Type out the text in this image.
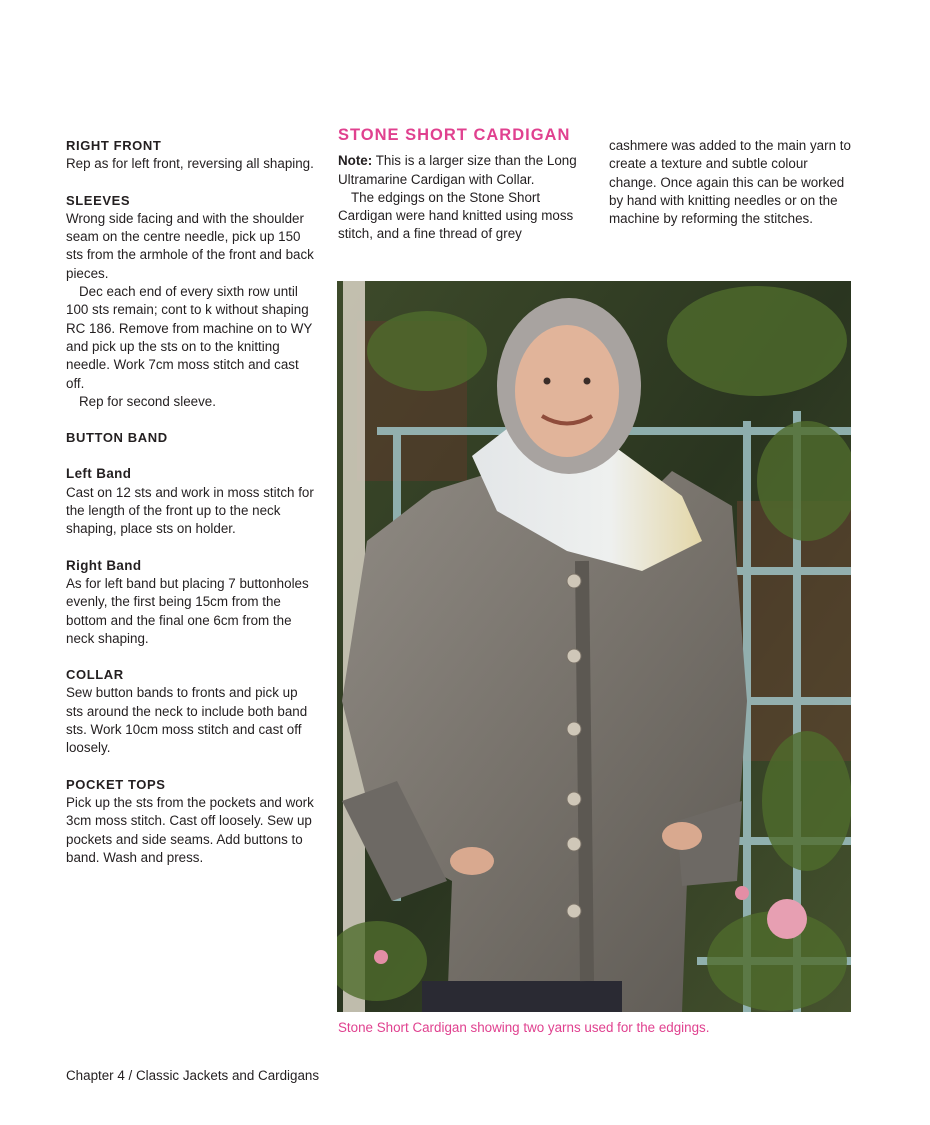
RIGHT FRONT

Rep as for left front, reversing all shaping.

SLEEVES

Wrong side facing and with the shoulder seam on the centre needle, pick up 150 sts from the armhole of the front and back pieces.

Dec each end of every sixth row until 100 sts remain; cont to k without shaping RC 186. Remove from machine on to WY and pick up the sts on to the knitting needle. Work 7cm moss stitch and cast off.

Rep for second sleeve.

BUTTON BAND
Left Band

Cast on 12 sts and work in moss stitch for the length of the front up to the neck shaping, place sts on holder.

Right Band

As for left band but placing 7 buttonholes evenly, the first being 15cm from the bottom and the final one 6cm from the neck shaping.

COLLAR

Sew button bands to fronts and pick up sts around the neck to include both band sts. Work 10cm moss stitch and cast off loosely.

POCKET TOPS

Pick up the sts from the pockets and work 3cm moss stitch. Cast off loosely. Sew up pockets and side seams. Add buttons to band. Wash and press.

STONE SHORT CARDIGAN

Note: This is a larger size than the Long Ultramarine Cardigan with Collar.

The edgings on the Stone Short Cardigan were hand knitted using moss stitch, and a fine thread of grey

cashmere was added to the main yarn to create a texture and subtle colour change. Once again this can be worked by hand with knitting needles or on the machine by reforming the stitches.

Stone Short Cardigan showing two yarns used for the edgings.
Chapter 4 / Classic Jackets and Cardigans
